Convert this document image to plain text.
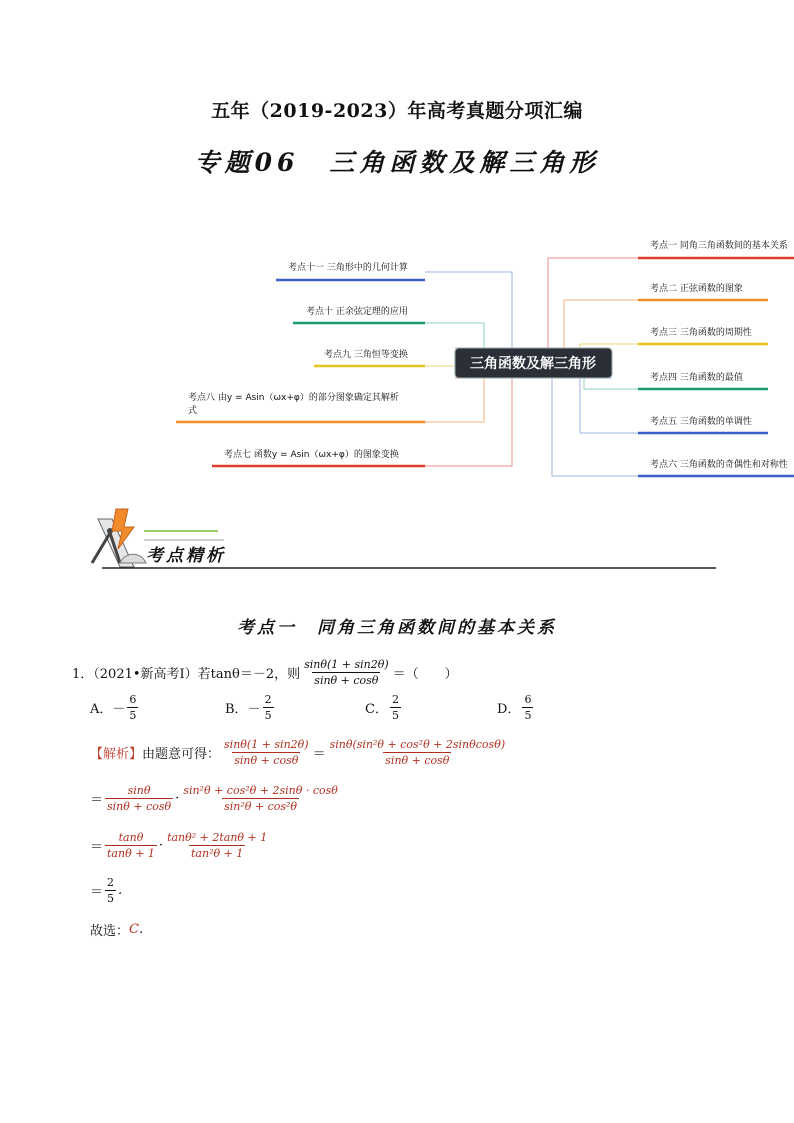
五年（2019-2023）年高考真题分项汇编
专题06　三角函数及解三角形
考点十一 三角形中的几何计算
考点十 正余弦定理的应用
考点九 三角恒等变换
考点八 由y = Asin（ωx+φ）的部分图象确定其解析
式
考点七 函数y = Asin（ωx+φ）的图象变换
考点一 同角三角函数间的基本关系
考点二 正弦函数的图象
考点三 三角函数的周期性
考点四 三角函数的最值
考点五 三角函数的单调性
考点六 三角函数的奇偶性和对称性
三角函数及解三角形
考点精析
考点一　同角三角函数间的基本关系
1．（2021•新高考Ⅰ）若tanθ＝－2，则 $\frac{\sin\theta(1 + \sin 2\theta)}{\sin\theta + \cos\theta}$ ＝（　　）
A． － $\frac{6}{5}$	B． － $\frac{2}{5}$	C． $\frac{2}{5}$	D． $\frac{6}{5}$
【解析】 由题意可得： $\frac{\sin\theta(1 + \sin 2\theta)}{\sin\theta + \cos\theta} = \frac{\text{sinθ(sin²θ + cos²θ + 2sinθcosθ)}}{\sin\theta + \cos\theta}$
＝ $\frac{\sin\theta}{\sin\theta + \cos\theta} \cdot \frac{\text{sin²θ + cos²θ + 2sinθ · cosθ}}{\text{sin²θ + cos²θ}}$
＝ $\frac{\tan\theta}{\tan\theta + 1} \cdot \frac{\text{tanθ² + 2tanθ + 1}}{\text{tan²θ + 1}}$
＝ $\frac{2}{5}$ .
故选： C .
